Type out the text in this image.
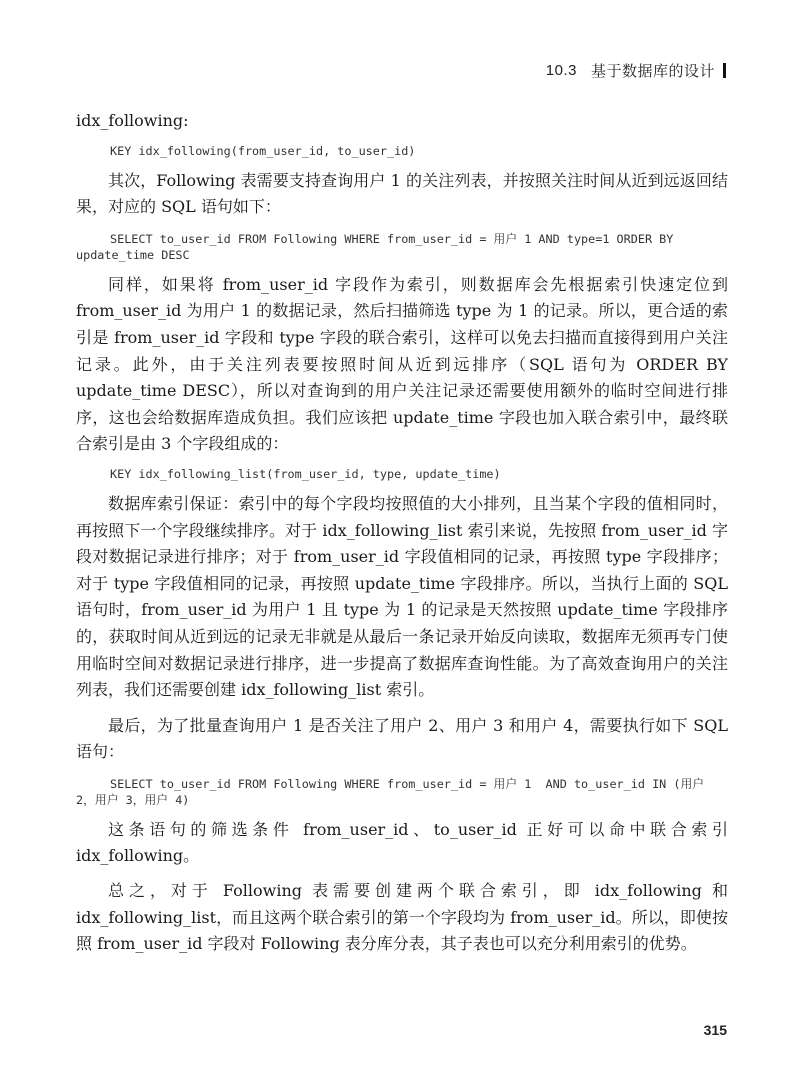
10.3 基于数据库的设计

idx_following:

KEY idx_following(from_user_id, to_user_id)

其次，Following 表需要支持查询用户 1 的关注列表，并按照关注时间从近到远返回结果，对应的 SQL 语句如下：

SELECT to_user_id FROM Following WHERE from_user_id = 用户 1 AND type=1 ORDER BY update_time DESC

同样，如果将 from_user_id 字段作为索引，则数据库会先根据索引快速定位到 from_user_id 为用户 1 的数据记录，然后扫描筛选 type 为 1 的记录。所以，更合适的索引是 from_user_id 字段和 type 字段的联合索引，这样可以免去扫描而直接得到用户关注记录。此外，由于关注列表要按照时间从近到远排序（SQL 语句为 ORDER BY update_time DESC），所以对查询到的用户关注记录还需要使用额外的临时空间进行排序，这也会给数据库造成负担。我们应该把 update_time 字段也加入联合索引中，最终联合索引是由 3 个字段组成的：

KEY idx_following_list(from_user_id, type, update_time)

数据库索引保证：索引中的每个字段均按照值的大小排列，且当某个字段的值相同时，再按照下一个字段继续排序。对于 idx_following_list 索引来说，先按照 from_user_id 字段对数据记录进行排序；对于 from_user_id 字段值相同的记录，再按照 type 字段排序；对于 type 字段值相同的记录，再按照 update_time 字段排序。所以，当执行上面的 SQL 语句时，from_user_id 为用户 1 且 type 为 1 的记录是天然按照 update_time 字段排序的，获取时间从近到远的记录无非就是从最后一条记录开始反向读取，数据库无须再专门使用临时空间对数据记录进行排序，进一步提高了数据库查询性能。为了高效查询用户的关注列表，我们还需要创建 idx_following_list 索引。

最后，为了批量查询用户 1 是否关注了用户 2、用户 3 和用户 4，需要执行如下 SQL 语句：

SELECT to_user_id FROM Following WHERE from_user_id = 用户 1  AND to_user_id IN (用户 2，用户 3，用户 4)

这条语句的筛选条件 from_user_id、to_user_id 正好可以命中联合索引 idx_following。

总之，对于 Following 表需要创建两个联合索引，即 idx_following 和 idx_following_list，而且这两个联合索引的第一个字段均为 from_user_id。所以，即使按照 from_user_id 字段对 Following 表分库分表，其子表也可以充分利用索引的优势。

315
